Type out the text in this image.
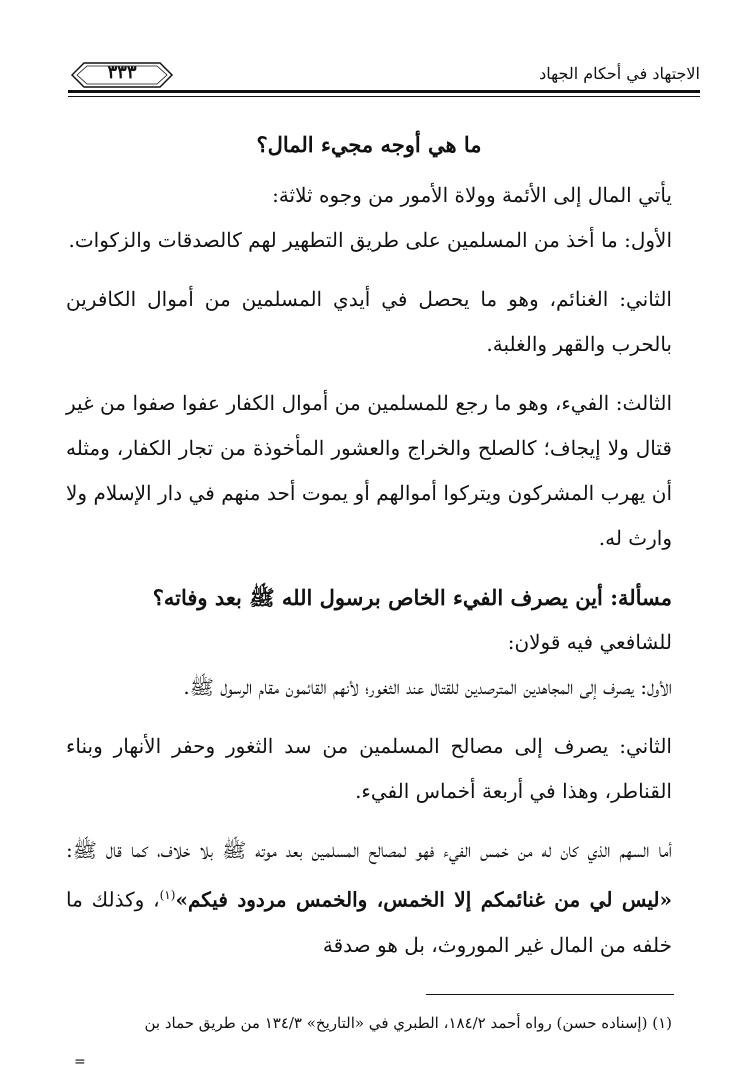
٣٣٣	الاجتهاد في أحكام الجهاد

ما هي أوجه مجيء المال؟

يأتي المال إلى الأئمة وولاة الأمور من وجوه ثلاثة:

الأول: ما أخذ من المسلمين على طريق التطهير لهم كالصدقات والزكوات.

الثاني: الغنائم، وهو ما يحصل في أيدي المسلمين من أموال الكافرين بالحرب والقهر والغلبة.

الثالث: الفيء، وهو ما رجع للمسلمين من أموال الكفار عفوا صفوا من غير قتال ولا إيجاف؛ كالصلح والخراج والعشور المأخوذة من تجار الكفار، ومثله أن يهرب المشركون ويتركوا أموالهم أو يموت أحد منهم في دار الإسلام ولا وارث له.

مسألة: أين يصرف الفيء الخاص برسول الله ﷺ بعد وفاته؟

للشافعي فيه قولان:

الأول: يصرف إلى المجاهدين المترصدين للقتال عند الثغور؛ لأنهم القائمون مقام الرسول ﷺ.

الثاني: يصرف إلى مصالح المسلمين من سد الثغور وحفر الأنهار وبناء القناطر، وهذا في أربعة أخماس الفيء.

أما السهم الذي كان له من خمس الفيء فهو لمصالح المسلمين بعد موته ﷺ بلا خلاف، كما قال ﷺ: «ليس لي من غنائمكم إلا الخمس، والخمس مردود فيكم»$^{(١)}$، وكذلك ما خلفه من المال غير الموروث، بل هو صدقة

(١) (إسناده حسن) رواه أحمد ١٨٤/٢، الطبري في «التاريخ» ١٣٤/٣ من طريق حماد بن
=
